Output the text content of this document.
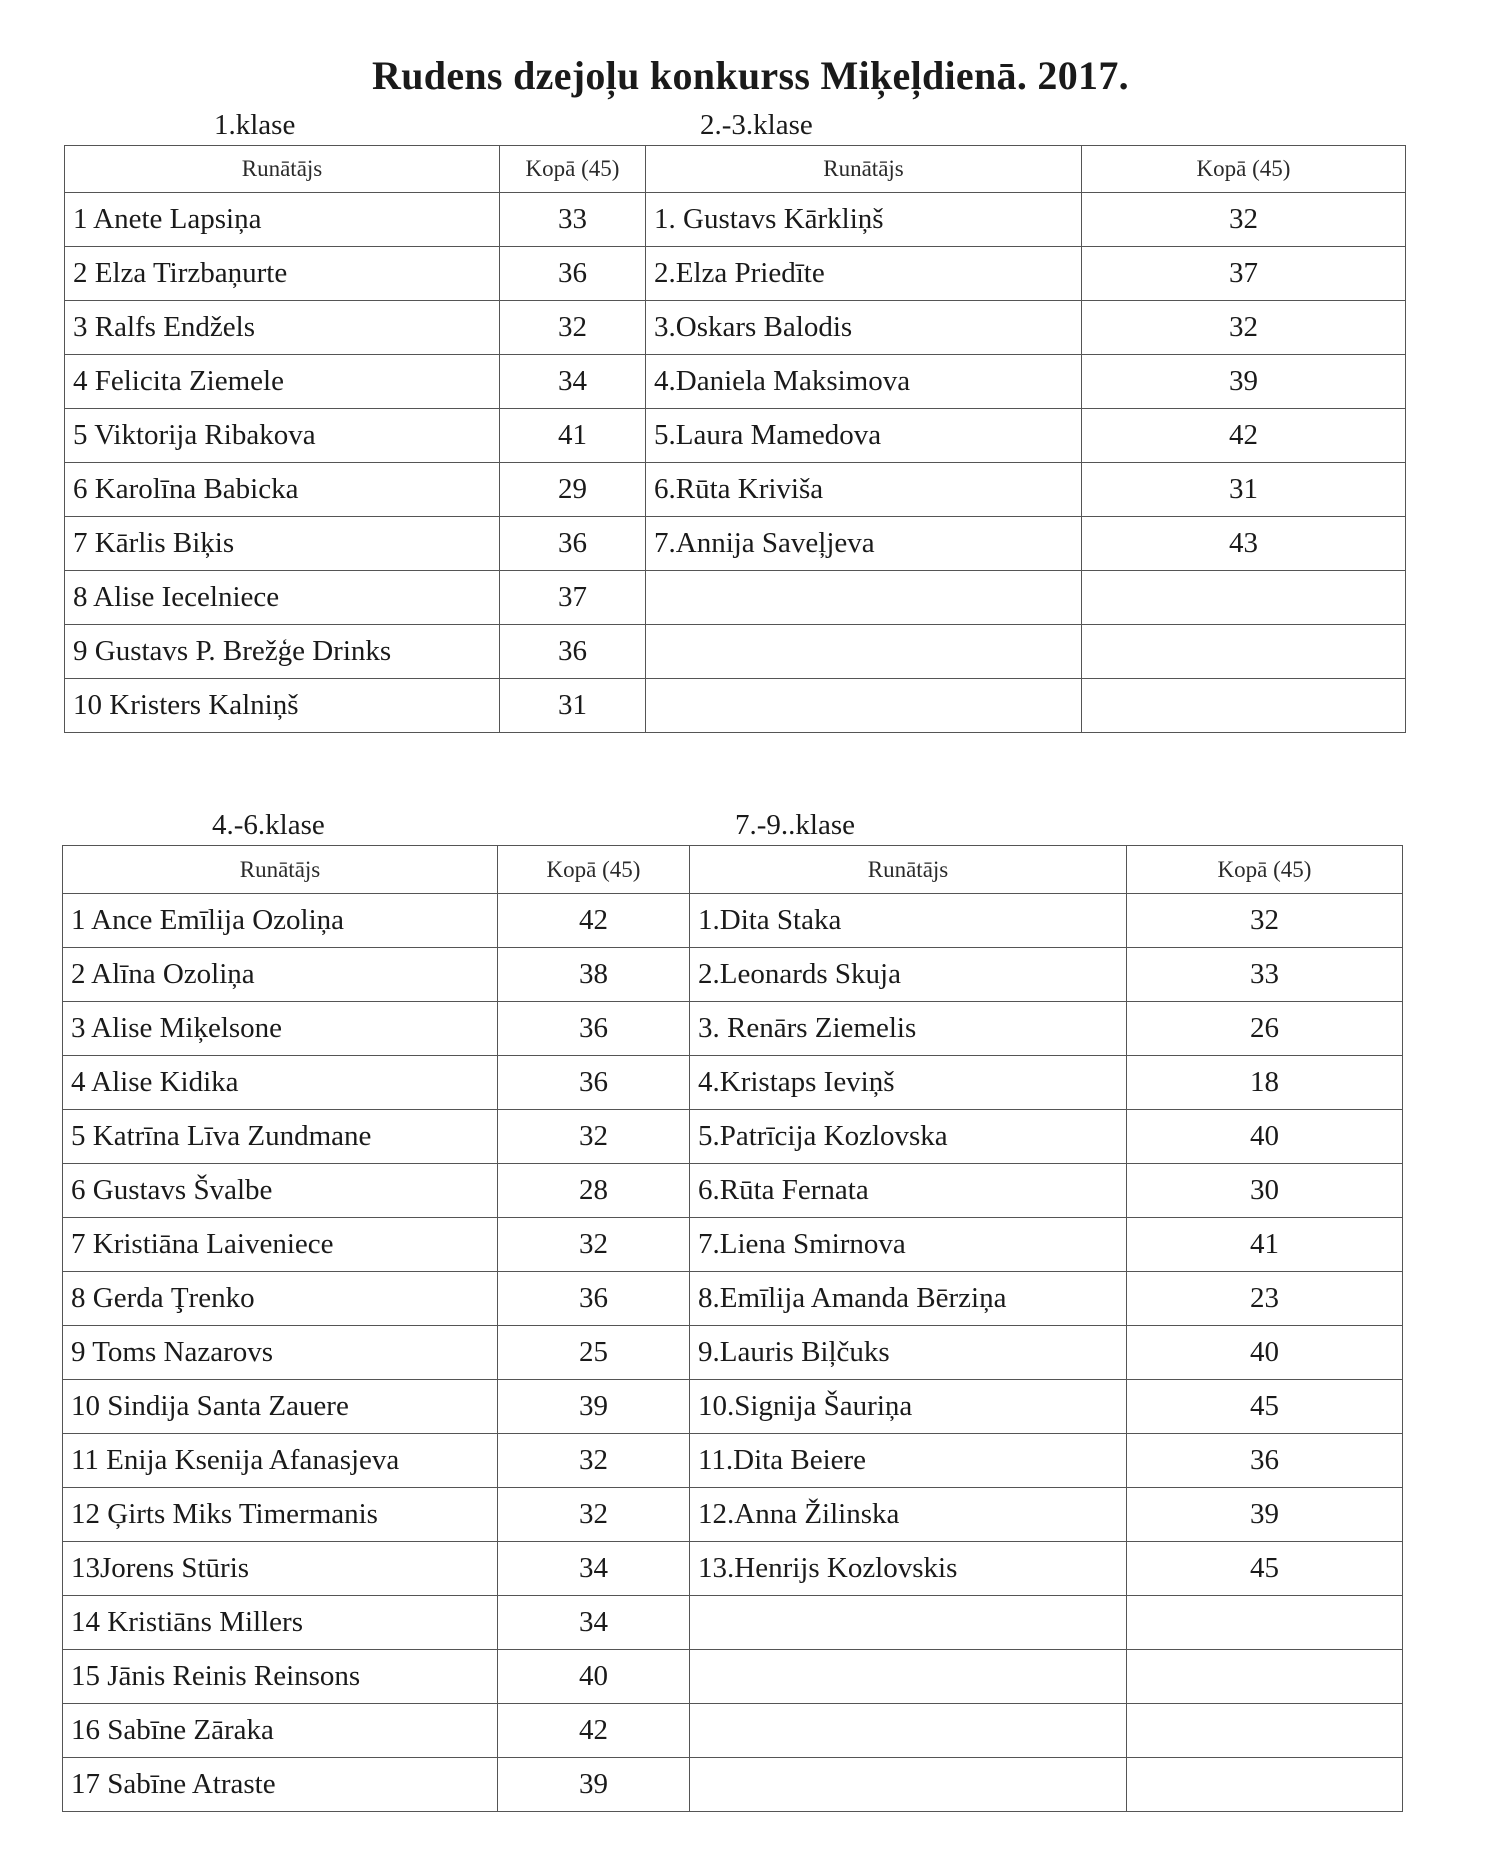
Rudens dzejoļu konkurss Miķeļdienā. 2017.
1.klase	2.-3.klase
Runātājs	Kopā (45)	Runātājs	Kopā (45)
1 Anete Lapsiņa	33	1. Gustavs Kārkliņš	32
2 Elza Tirzbaņurte	36	2.Elza Priedīte	37
3 Ralfs Endžels	32	3.Oskars Balodis	32
4 Felicita Ziemele	34	4.Daniela Maksimova	39
5 Viktorija Ribakova	41	5.Laura Mamedova	42
6 Karolīna Babicka	29	6.Rūta Kriviša	31
7 Kārlis Biķis	36	7.Annija Saveļjeva	43
8 Alise Iecelniece	37		
9 Gustavs P. Brežģe Drinks	36		
10 Kristers Kalniņš	31		
4.-6.klase	7.-9..klase
Runātājs	Kopā (45)	Runātājs	Kopā (45)
1 Ance Emīlija Ozoliņa	42	1.Dita Staka	32
2 Alīna Ozoliņa	38	2.Leonards Skuja	33
3 Alise Miķelsone	36	3. Renārs Ziemelis	26
4 Alise Kidika	36	4.Kristaps Ieviņš	18
5 Katrīna Līva Zundmane	32	5.Patrīcija Kozlovska	40
6 Gustavs Švalbe	28	6.Rūta Fernata	30
7 Kristiāna Laiveniece	32	7.Liena Smirnova	41
8 Gerda Ţrenko	36	8.Emīlija Amanda Bērziņa	23
9 Toms Nazarovs	25	9.Lauris Biļčuks	40
10 Sindija Santa Zauere	39	10.Signija Šauriņa	45
11 Enija Ksenija Afanasjeva	32	11.Dita Beiere	36
12 Ģirts Miks Timermanis	32	12.Anna Žilinska	39
13Jorens Stūris	34	13.Henrijs Kozlovskis	45
14 Kristiāns Millers	34		
15 Jānis Reinis Reinsons	40		
16 Sabīne Zāraka	42		
17 Sabīne Atraste	39		
